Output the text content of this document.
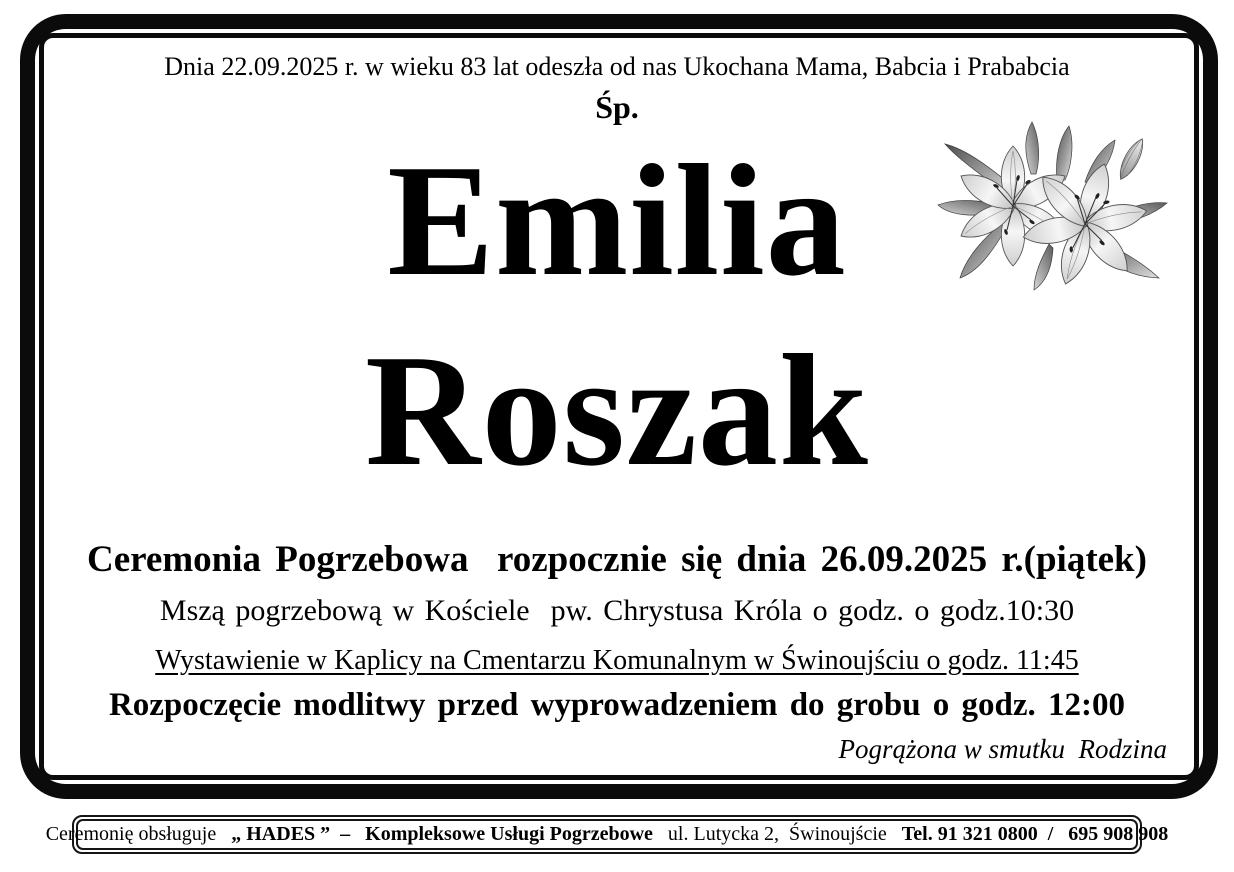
Dnia 22.09.2025 r. w wieku 83 lat odeszła od nas Ukochana Mama, Babcia i Prababcia
Śp.
Emilia
Roszak
Ceremonia Pogrzebowa  rozpocznie się dnia 26.09.2025 r.(piątek)
Mszą pogrzebową w Kościele  pw. Chrystusa Króla o godz. o godz.10:30
Wystawienie w Kaplicy na Cmentarzu Komunalnym w Świnoujściu o godz. 11:45
Rozpoczęcie modlitwy przed wyprowadzeniem do grobu o godz. 12:00
Pogrążona w smutku  Rodzina
Ceremonię obsługuje „ HADES ”  –   Kompleksowe Usługi Pogrzebowe ul. Lutycka 2,  Świnoujście Tel. 91 321 0800  /   695 908 908
